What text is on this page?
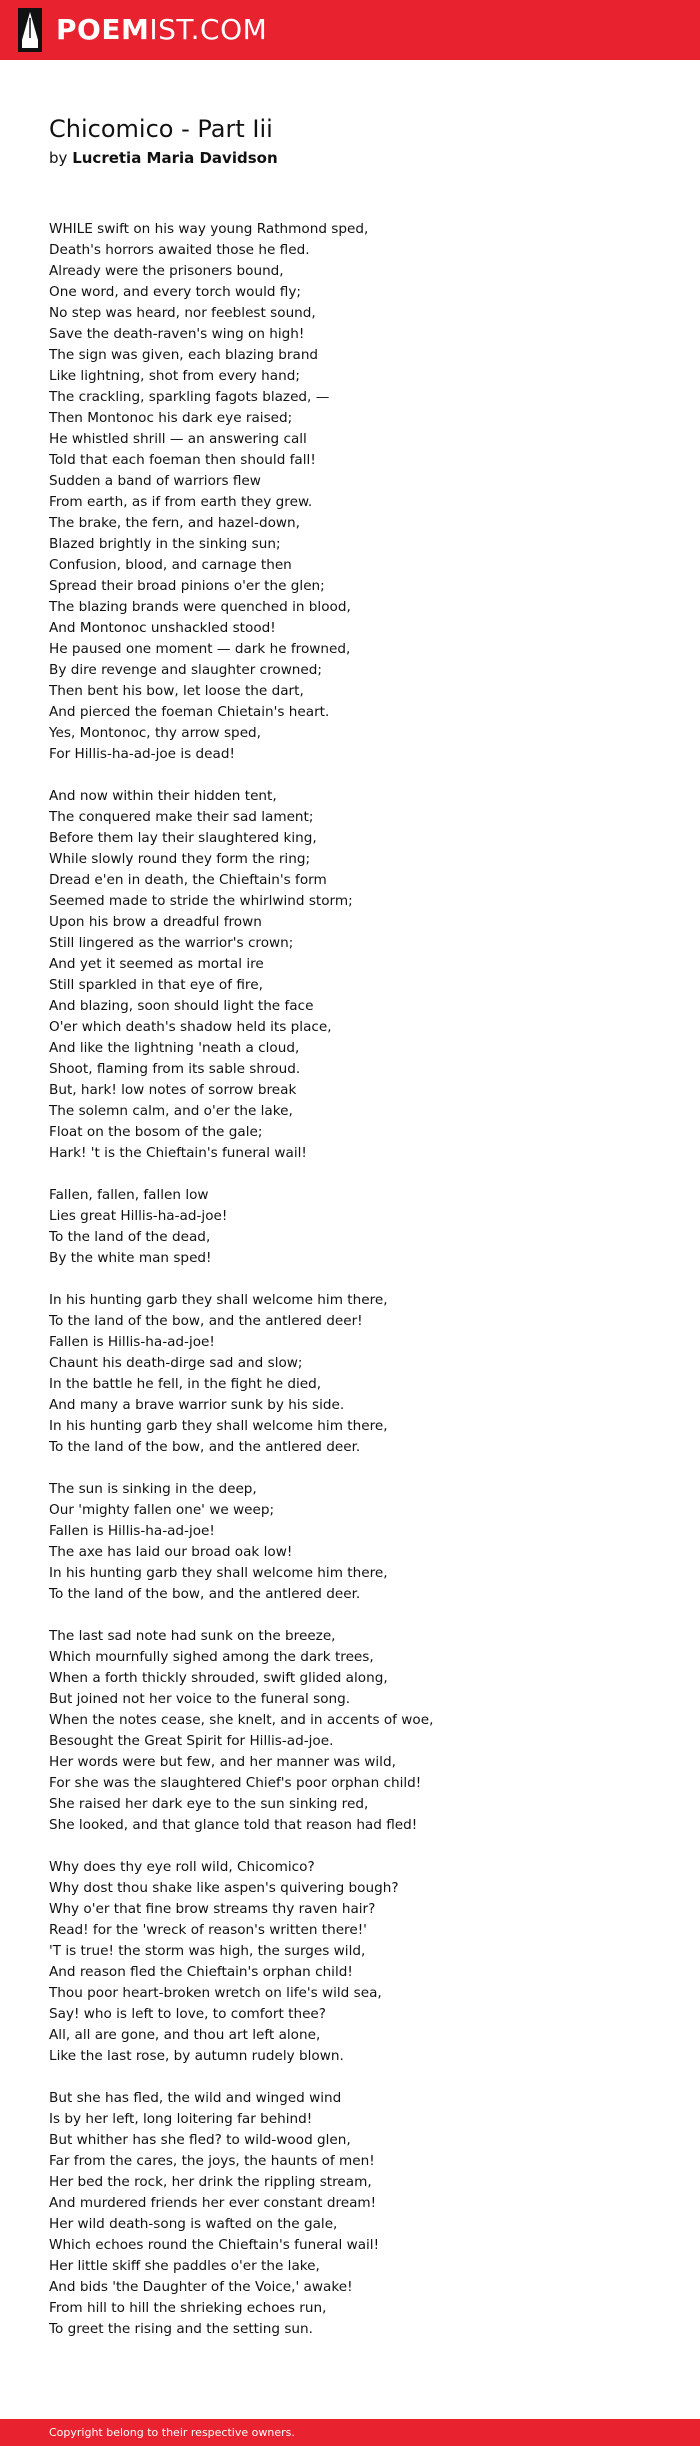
POEMIST.COM
Chicomico - Part Iii
by Lucretia Maria Davidson
WHILE swift on his way young Rathmond sped,
Death's horrors awaited those he fled.
Already were the prisoners bound,
One word, and every torch would fly;
No step was heard, nor feeblest sound,
Save the death-raven's wing on high!
The sign was given, each blazing brand
Like lightning, shot from every hand;
The crackling, sparkling fagots blazed, —
Then Montonoc his dark eye raised;
He whistled shrill — an answering call
Told that each foeman then should fall!
Sudden a band of warriors flew
From earth, as if from earth they grew.
The brake, the fern, and hazel-down,
Blazed brightly in the sinking sun;
Confusion, blood, and carnage then
Spread their broad pinions o'er the glen;
The blazing brands were quenched in blood,
And Montonoc unshackled stood!
He paused one moment — dark he frowned,
By dire revenge and slaughter crowned;
Then bent his bow, let loose the dart,
And pierced the foeman Chietain's heart.
Yes, Montonoc, thy arrow sped,
For Hillis-ha-ad-joe is dead!
And now within their hidden tent,
The conquered make their sad lament;
Before them lay their slaughtered king,
While slowly round they form the ring;
Dread e'en in death, the Chieftain's form
Seemed made to stride the whirlwind storm;
Upon his brow a dreadful frown
Still lingered as the warrior's crown;
And yet it seemed as mortal ire
Still sparkled in that eye of fire,
And blazing, soon should light the face
O'er which death's shadow held its place,
And like the lightning 'neath a cloud,
Shoot, flaming from its sable shroud.
But, hark! low notes of sorrow break
The solemn calm, and o'er the lake,
Float on the bosom of the gale;
Hark! 't is the Chieftain's funeral wail!
Fallen, fallen, fallen low
Lies great Hillis-ha-ad-joe!
To the land of the dead,
By the white man sped!
In his hunting garb they shall welcome him there,
To the land of the bow, and the antlered deer!
Fallen is Hillis-ha-ad-joe!
Chaunt his death-dirge sad and slow;
In the battle he fell, in the fight he died,
And many a brave warrior sunk by his side.
In his hunting garb they shall welcome him there,
To the land of the bow, and the antlered deer.
The sun is sinking in the deep,
Our 'mighty fallen one' we weep;
Fallen is Hillis-ha-ad-joe!
The axe has laid our broad oak low!
In his hunting garb they shall welcome him there,
To the land of the bow, and the antlered deer.
The last sad note had sunk on the breeze,
Which mournfully sighed among the dark trees,
When a forth thickly shrouded, swift glided along,
But joined not her voice to the funeral song.
When the notes cease, she knelt, and in accents of woe,
Besought the Great Spirit for Hillis-ad-joe.
Her words were but few, and her manner was wild,
For she was the slaughtered Chief's poor orphan child!
She raised her dark eye to the sun sinking red,
She looked, and that glance told that reason had fled!
Why does thy eye roll wild, Chicomico?
Why dost thou shake like aspen's quivering bough?
Why o'er that fine brow streams thy raven hair?
Read! for the 'wreck of reason's written there!'
'T is true! the storm was high, the surges wild,
And reason fled the Chieftain's orphan child!
Thou poor heart-broken wretch on life's wild sea,
Say! who is left to love, to comfort thee?
All, all are gone, and thou art left alone,
Like the last rose, by autumn rudely blown.
But she has fled, the wild and winged wind
Is by her left, long loitering far behind!
But whither has she fled? to wild-wood glen,
Far from the cares, the joys, the haunts of men!
Her bed the rock, her drink the rippling stream,
And murdered friends her ever constant dream!
Her wild death-song is wafted on the gale,
Which echoes round the Chieftain's funeral wail!
Her little skiff she paddles o'er the lake,
And bids 'the Daughter of the Voice,' awake!
From hill to hill the shrieking echoes run,
To greet the rising and the setting sun.
Copyright belong to their respective owners.
